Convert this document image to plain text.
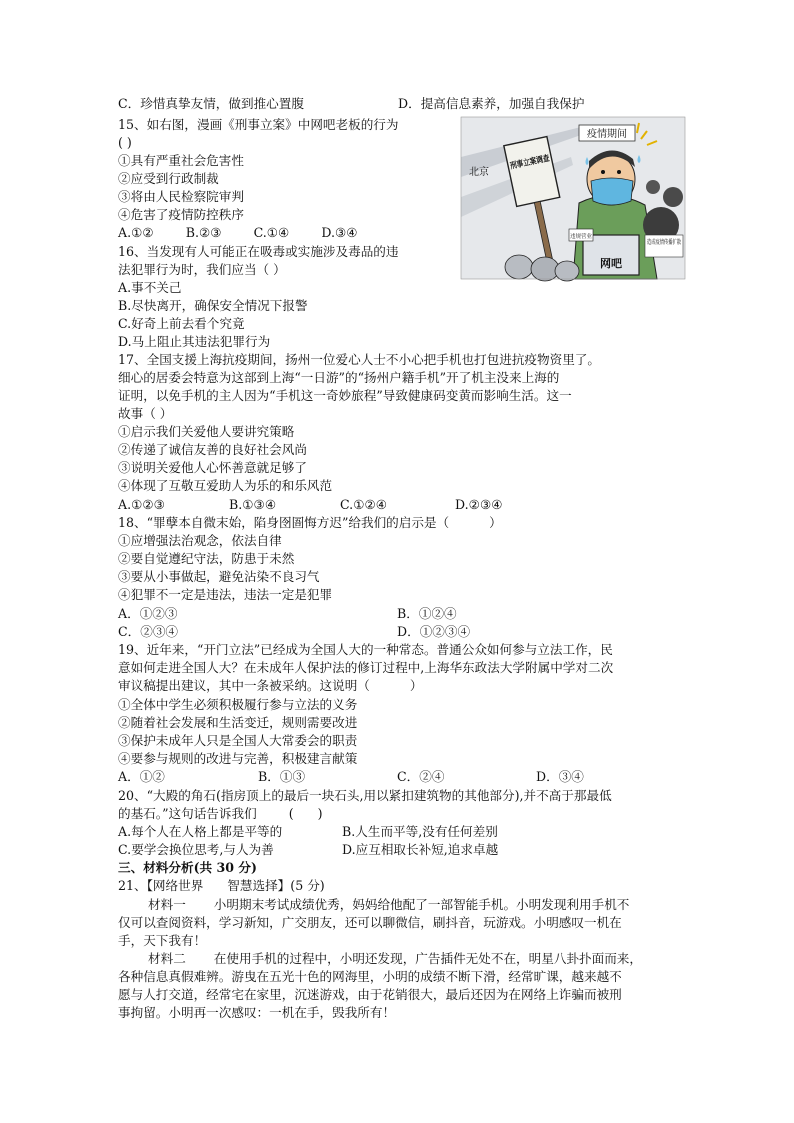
C．珍惜真挚友情，做到推心置腹	D．提高信息素养，加强自我保护
15、如右图，漫画《刑事立案》中网吧老板的行为
( )
①具有严重社会危害性
②应受到行政制裁
③将由人民检察院审判
④危害了疫情防控秩序
A.①②        B.②③        C.①④        D.③④
16、当发现有人可能正在吸毒或实施涉及毒品的违
法犯罪行为时，我们应当（ ）
A.事不关己
B.尽快离开，确保安全情况下报警
C.好奇上前去看个究竟
D.马上阻止其违法犯罪行为
17、全国支援上海抗疫期间，扬州一位爱心人士不小心把手机也打包进抗疫物资里了。
细心的居委会特意为这部到上海“一日游”的“扬州户籍手机”开了机主没来上海的
证明，以免手机的主人因为“手机这一奇妙旅程”导致健康码变黄而影响生活。这一
故事（ ）
①启示我们关爱他人要讲究策略
②传递了诚信友善的良好社会风尚
③说明关爱他人心怀善意就足够了
④体现了互敬互爱助人为乐的和乐风范
A.①②③	B.①③④	C.①②④	D.②③④
18、“罪孽本自微末始，陷身囹圄悔方迟”给我们的启示是（          ）
①应增强法治观念，依法自律
②要自觉遵纪守法，防患于未然
③要从小事做起，避免沾染不良习气
④犯罪不一定是违法，违法一定是犯罪
A．①②③	B．①②④
C．②③④	D．①②③④
19、近年来，“开门立法”已经成为全国人大的一种常态。普通公众如何参与立法工作，民
意如何走进全国人大？在未成年人保护法的修订过程中,上海华东政法大学附属中学对二次
审议稿提出建议，其中一条被采纳。这说明（          ）
①全体中学生必须积极履行参与立法的义务
②随着社会发展和生活变迁，规则需要改进
③保护未成年人只是全国人大常委会的职责
④要参与规则的改进与完善，积极建言献策
A．①②	B．①③	C．②④	D．③④
20、“大殿的角石(指房顶上的最后一块石头,用以紧扣建筑物的其他部分),并不高于那最低
的基石。”这句话告诉我们        (      )
A.每个人在人格上都是平等的	B.人生而平等,没有任何差别
C.要学会换位思考,与人为善	D.应互相取长补短,追求卓越
三、材料分析(共 30 分)
21、【网络世界      智慧选择】(5 分)
材料一       小明期末考试成绩优秀，妈妈给他配了一部智能手机。小明发现利用手机不
仅可以查阅资料，学习新知，广交朋友，还可以聊微信，刷抖音，玩游戏。小明感叹一机在
手，天下我有！
材料二       在使用手机的过程中，小明还发现，广告插件无处不在，明星八卦扑面而来，
各种信息真假难辨。游曳在五光十色的网海里，小明的成绩不断下滑，经常旷课，越来越不
愿与人打交道，经常宅在家里，沉迷游戏，由于花销很大，最后还因为在网络上诈骗而被刑
事拘留。小明再一次感叹：一机在手，毁我所有！
疫情期间
北京
刑事立案调查
造成疫情传播扩散
网吧
违规营业
